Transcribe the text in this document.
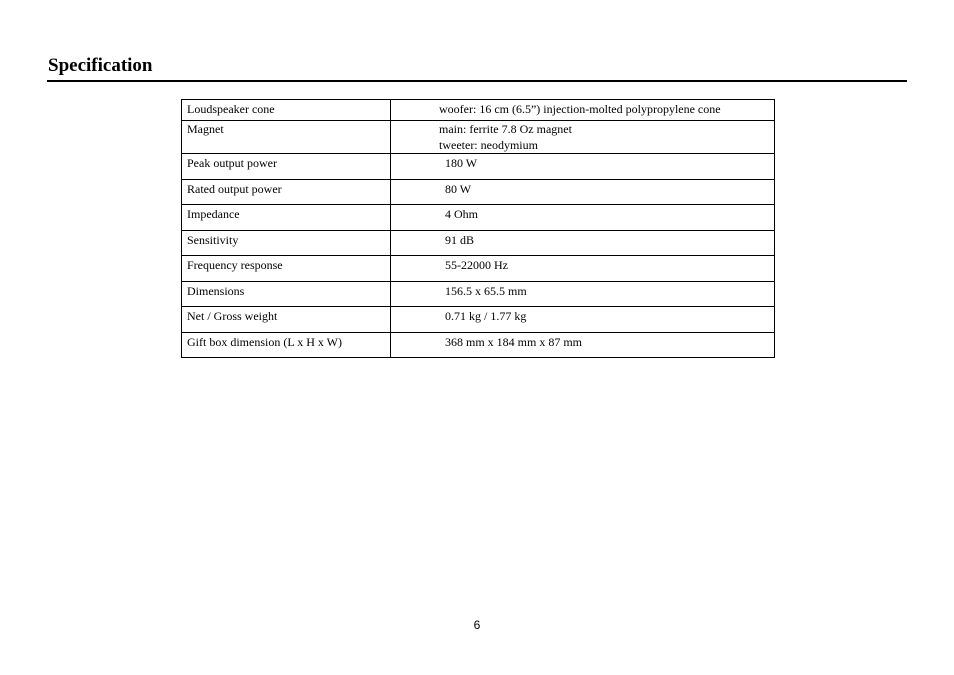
Specification
Loudspeaker cone	woofer: 16 cm (6.5”) injection-molted polypropylene cone

Magnet	main: ferrite 7.8 Oz magnet
tweeter: neodymium

Peak output power	180 W

Rated output power	80 W

Impedance	4 Ohm

Sensitivity	91 dB

Frequency response	55-22000 Hz

Dimensions	156.5 x 65.5 mm

Net / Gross weight	0.71 kg / 1.77 kg

Gift box dimension (L x H x W)	368 mm x 184 mm x 87 mm
6
